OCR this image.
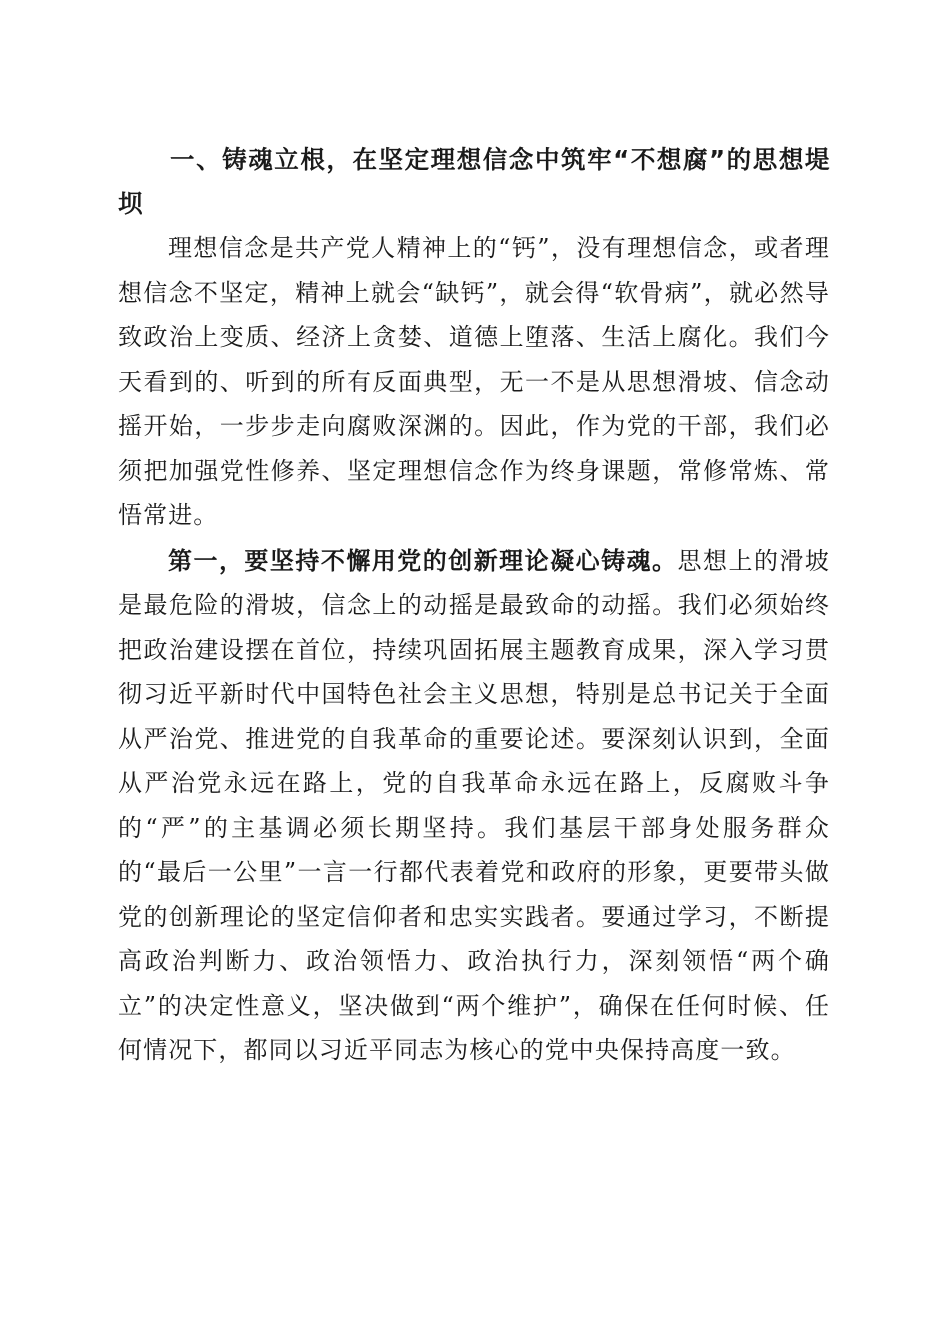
一、铸魂立根，在坚定理想信念中筑牢“不想腐”的思想堤坝

理想信念是共产党人精神上的“钙”，没有理想信念，或者理想信念不坚定，精神上就会“缺钙”，就会得“软骨病”，就必然导致政治上变质、经济上贪婪、道德上堕落、生活上腐化。我们今天看到的、听到的所有反面典型，无一不是从思想滑坡、信念动摇开始，一步步走向腐败深渊的。因此，作为党的干部，我们必须把加强党性修养、坚定理想信念作为终身课题，常修常炼、常悟常进。

第一，要坚持不懈用党的创新理论凝心铸魂。思想上的滑坡是最危险的滑坡，信念上的动摇是最致命的动摇。我们必须始终把政治建设摆在首位，持续巩固拓展主题教育成果，深入学习贯彻习近平新时代中国特色社会主义思想，特别是总书记关于全面从严治党、推进党的自我革命的重要论述。要深刻认识到，全面从严治党永远在路上，党的自我革命永远在路上，反腐败斗争的“严”的主基调必须长期坚持。我们基层干部身处服务群众的“最后一公里”一言一行都代表着党和政府的形象，更要带头做党的创新理论的坚定信仰者和忠实实践者。要通过学习，不断提高政治判断力、政治领悟力、政治执行力，深刻领悟“两个确立”的决定性意义，坚决做到“两个维护”，确保在任何时候、任何情况下，都同以习近平同志为核心的党中央保持高度一致。
